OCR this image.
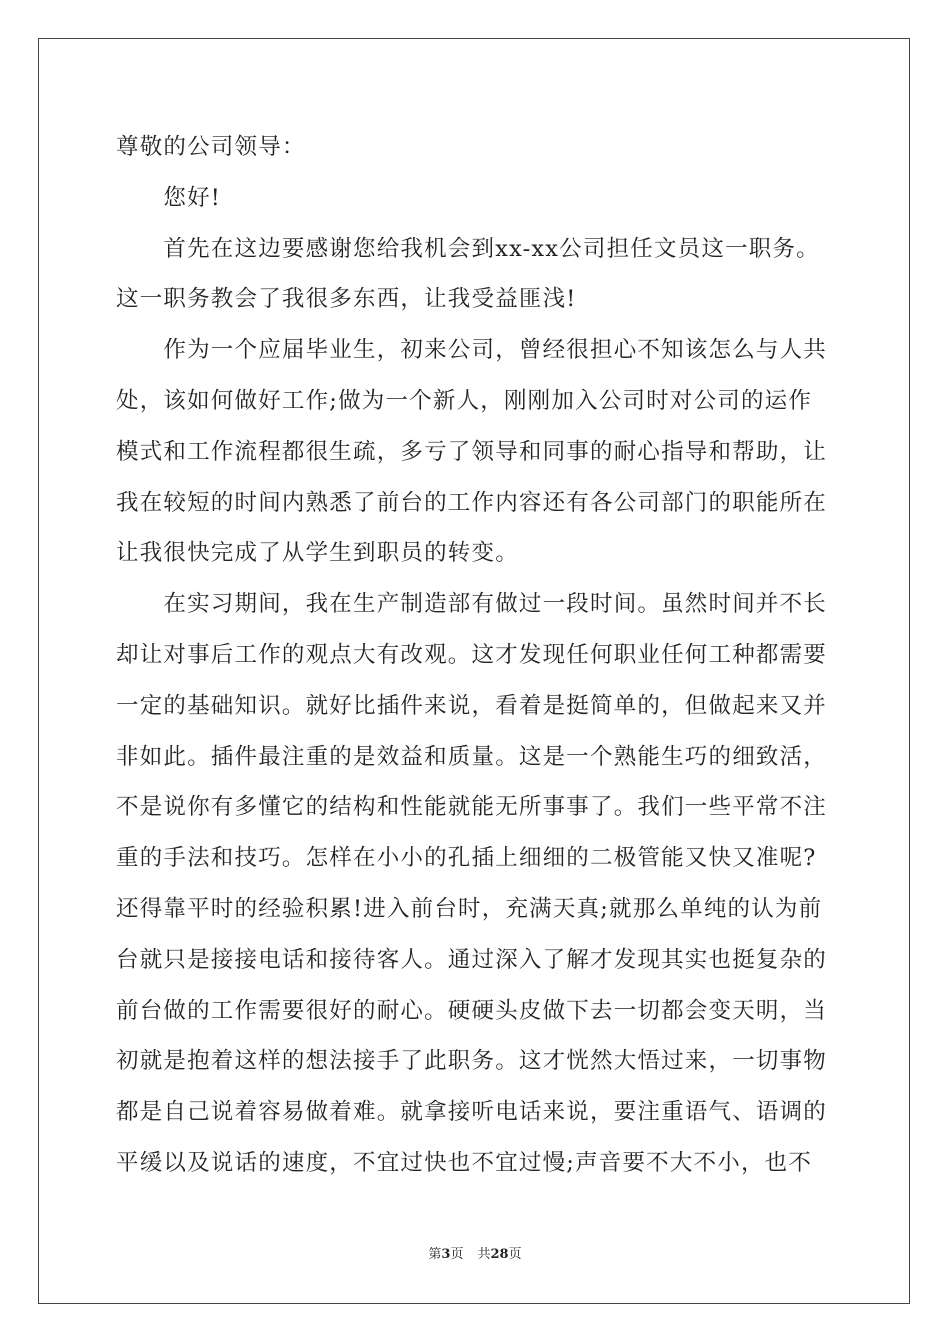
尊敬的公司领导：
　　您好!
　　首先在这边要感谢您给我机会到xx-xx公司担任文员这一职务。
这一职务教会了我很多东西，让我受益匪浅!
　　作为一个应届毕业生，初来公司，曾经很担心不知该怎么与人共
处，该如何做好工作;做为一个新人，刚刚加入公司时对公司的运作
模式和工作流程都很生疏，多亏了领导和同事的耐心指导和帮助，让
我在较短的时间内熟悉了前台的工作内容还有各公司部门的职能所在
让我很快完成了从学生到职员的转变。
　　在实习期间，我在生产制造部有做过一段时间。虽然时间并不长
却让对事后工作的观点大有改观。这才发现任何职业任何工种都需要
一定的基础知识。就好比插件来说，看着是挺简单的，但做起来又并
非如此。插件最注重的是效益和质量。这是一个熟能生巧的细致活，
不是说你有多懂它的结构和性能就能无所事事了。我们一些平常不注
重的手法和技巧。怎样在小小的孔插上细细的二极管能又快又准呢?
还得靠平时的经验积累!进入前台时，充满天真;就那么单纯的认为前
台就只是接接电话和接待客人。通过深入了解才发现其实也挺复杂的
前台做的工作需要很好的耐心。硬硬头皮做下去一切都会变天明，当
初就是抱着这样的想法接手了此职务。这才恍然大悟过来，一切事物
都是自己说着容易做着难。就拿接听电话来说，要注重语气、语调的
平缓以及说话的速度，不宜过快也不宜过慢;声音要不大不小，也不
第3页 共28页
